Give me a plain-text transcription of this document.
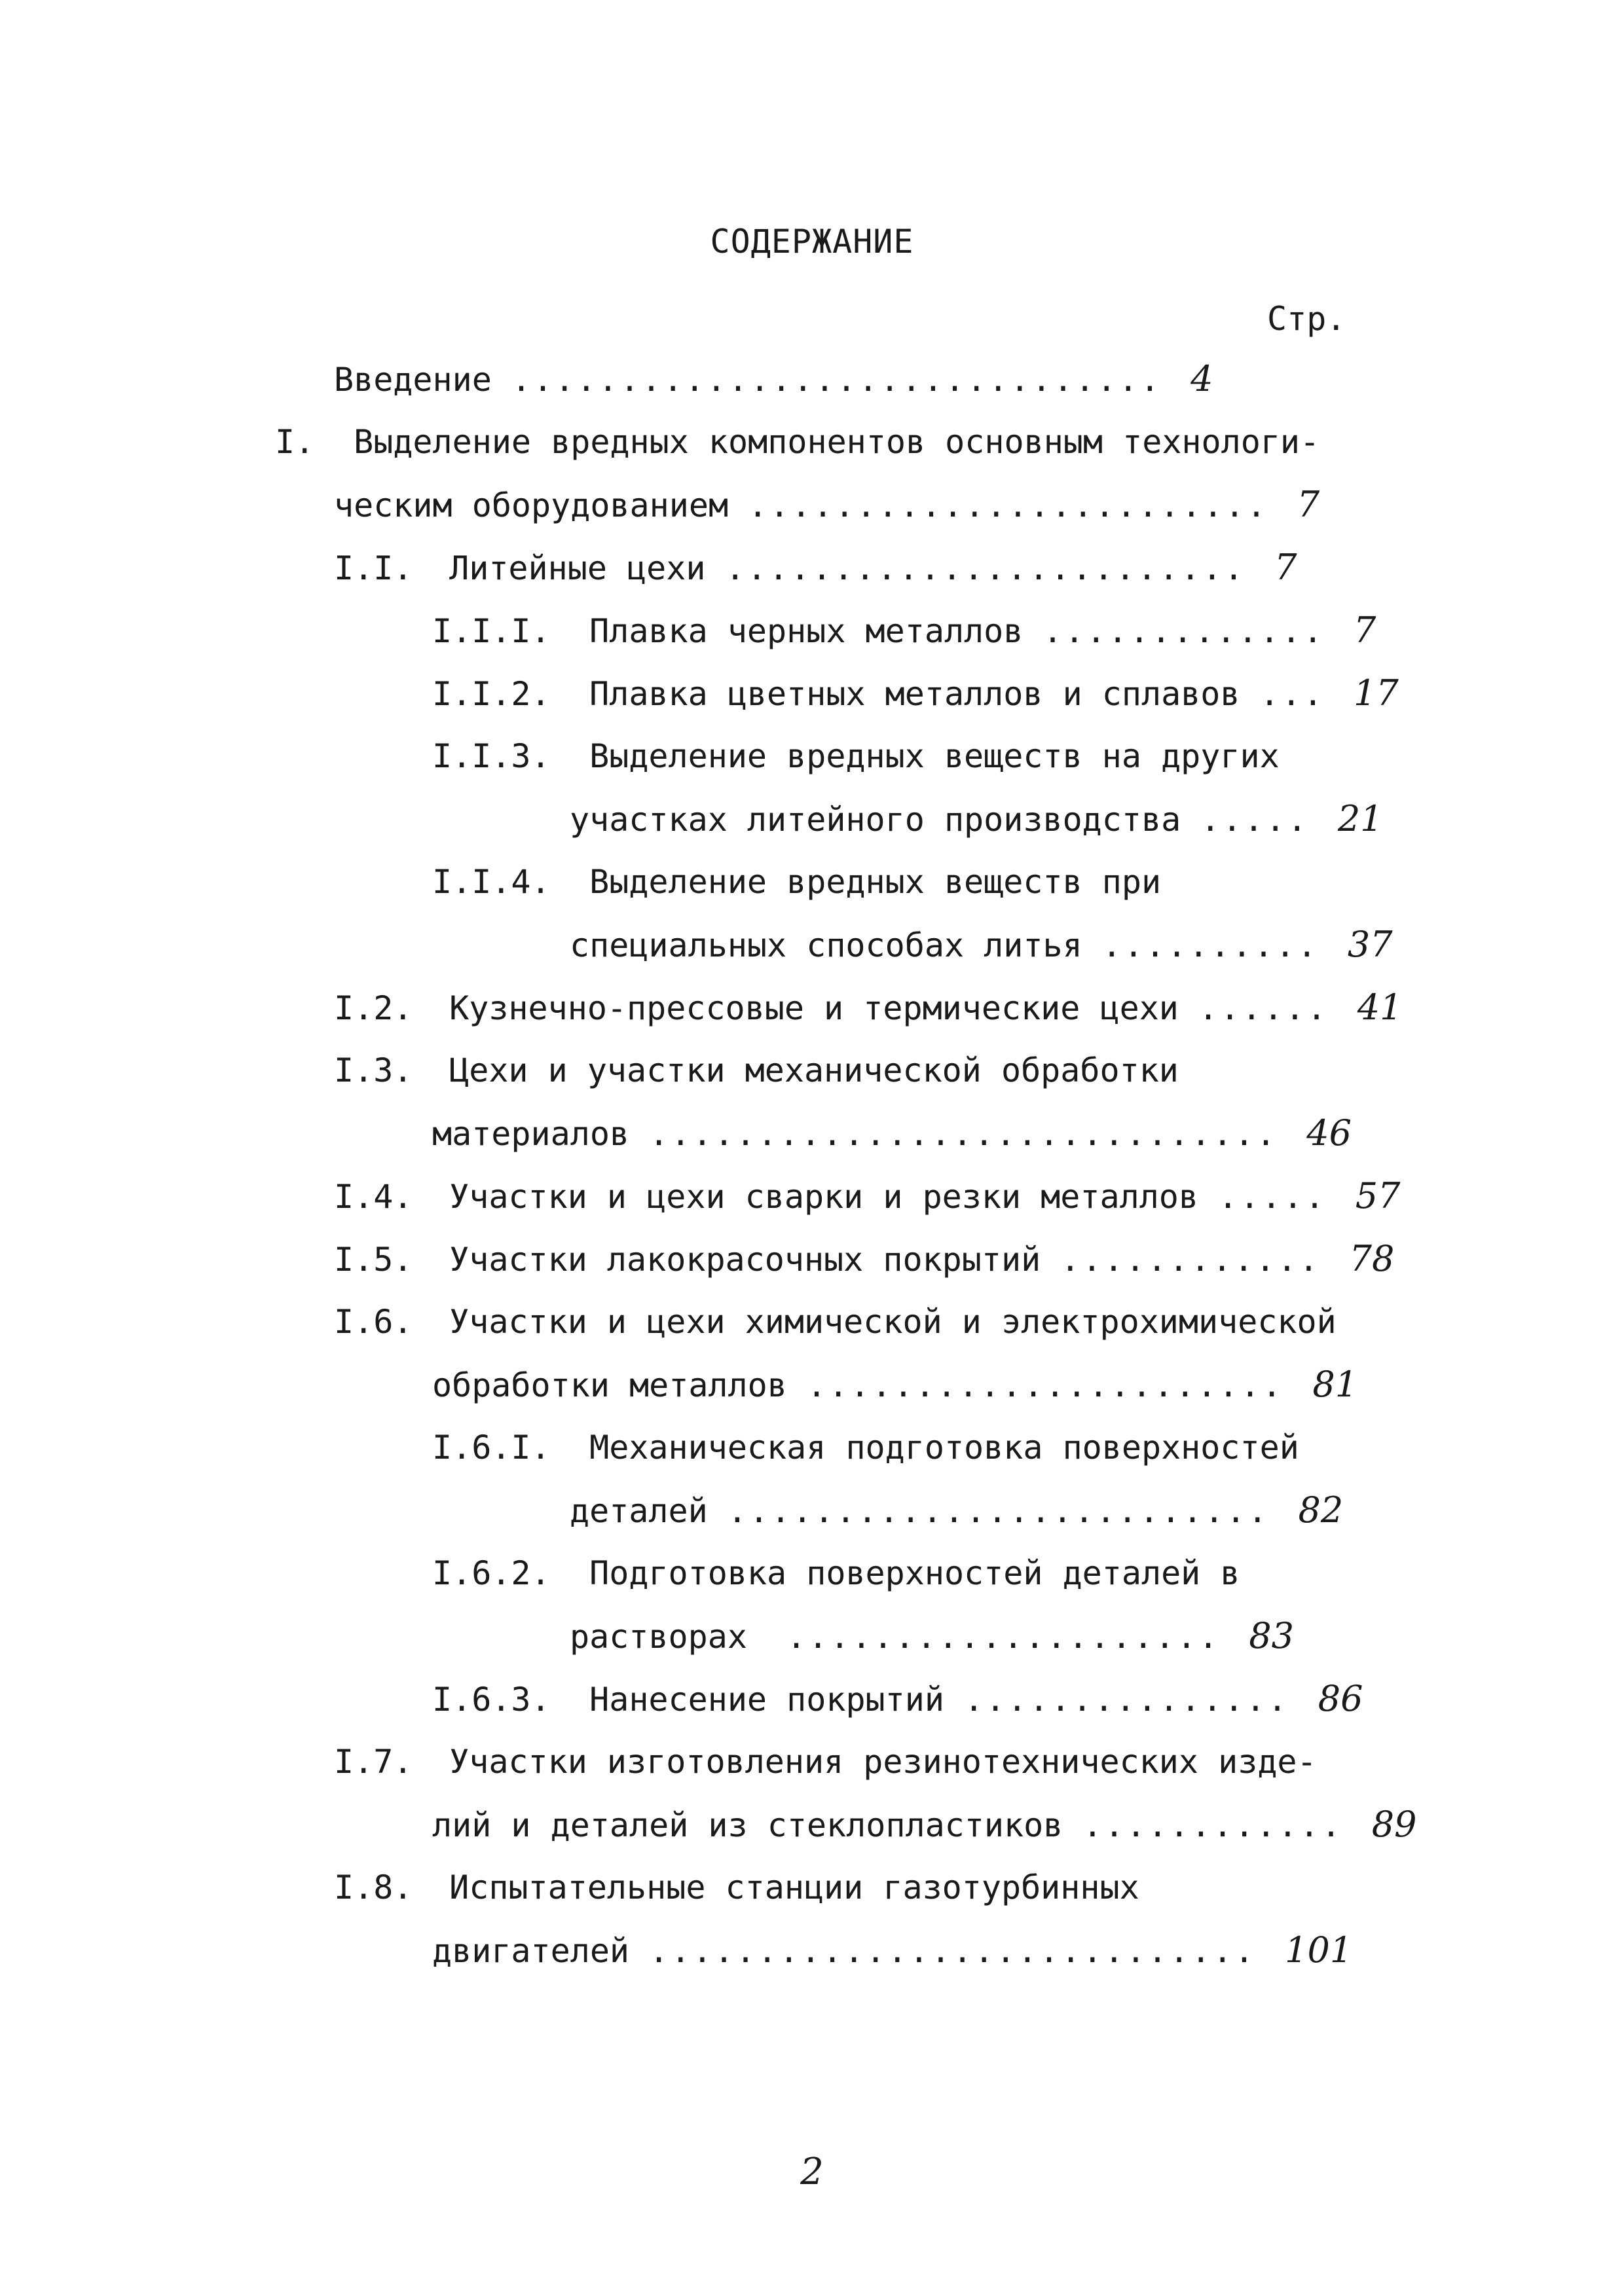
СОДЕРЖАНИЕ
Стр.
Введение .............................. 4
I. Выделение вредных компонентов основным технологи-
ческим оборудованием ........................ 7
I.I. Литейные цехи ........................ 7
I.I.I. Плавка черных металлов ............. 7
I.I.2. Плавка цветных металлов и сплавов ... 17
I.I.3. Выделение вредных веществ на других
участках литейного производства ..... 21
I.I.4. Выделение вредных веществ при
специальных способах литья .......... 37
I.2. Кузнечно-прессовые и термические цехи ...... 41
I.3. Цехи и участки механической обработки
материалов ............................. 46
I.4. Участки и цехи сварки и резки металлов ..... 57
I.5. Участки лакокрасочных покрытий ............ 78
I.6. Участки и цехи химической и электрохимической
обработки металлов ...................... 81
I.6.I. Механическая подготовка поверхностей
деталей ......................... 82
I.6.2. Подготовка поверхностей деталей в
растворах .................... 83
I.6.3. Нанесение покрытий ............... 86
I.7. Участки изготовления резинотехнических изде-
лий и деталей из стеклопластиков ............ 89
I.8. Испытательные станции газотурбинных
двигателей ............................ 101
2
